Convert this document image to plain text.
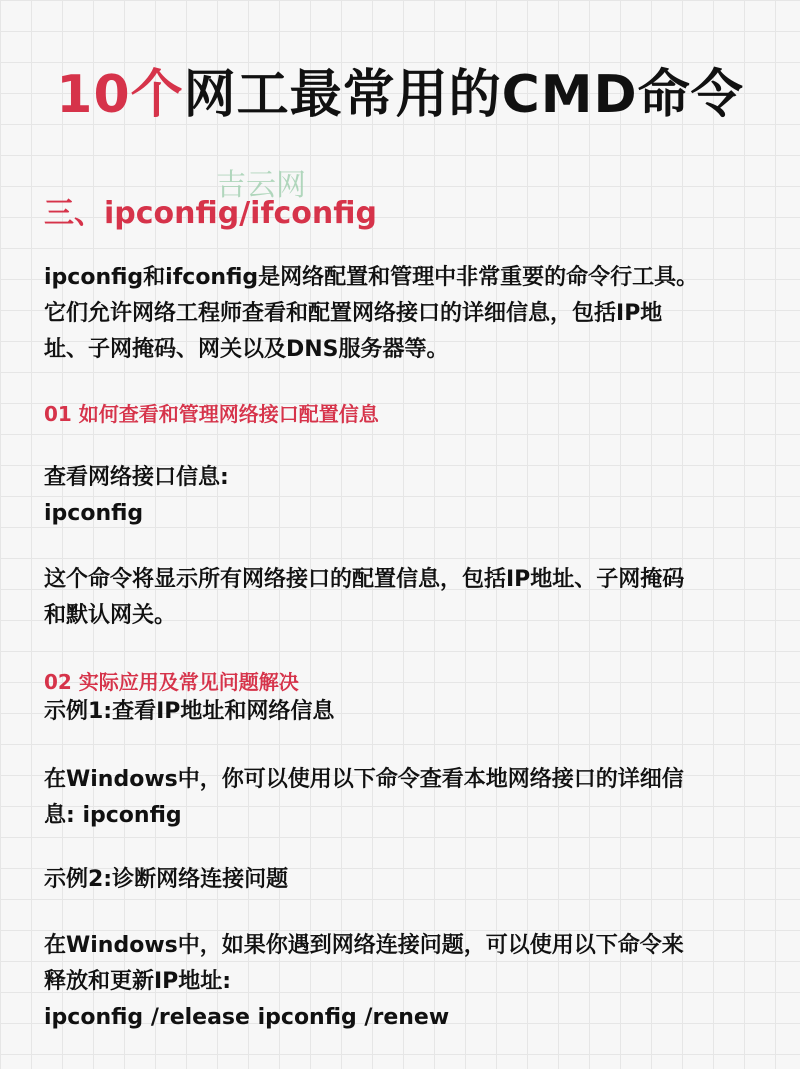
10个网工最常用的CMD命令
吉云网
三、ipconfig/ifconfig
ipconfig和ifconfig是网络配置和管理中非常重要的命令行工具。
它们允许网络工程师查看和配置网络接口的详细信息，包括IP地
址、子网掩码、网关以及DNS服务器等。
01 如何查看和管理网络接口配置信息
查看网络接口信息:
ipconfig
这个命令将显示所有网络接口的配置信息，包括IP地址、子网掩码
和默认网关。
02 实际应用及常见问题解决
示例1:查看IP地址和网络信息
在Windows中，你可以使用以下命令查看本地网络接口的详细信
息: ipconfig
示例2:诊断网络连接问题
在Windows中，如果你遇到网络连接问题，可以使用以下命令来
释放和更新IP地址:
ipconfig /release ipconfig /renew
